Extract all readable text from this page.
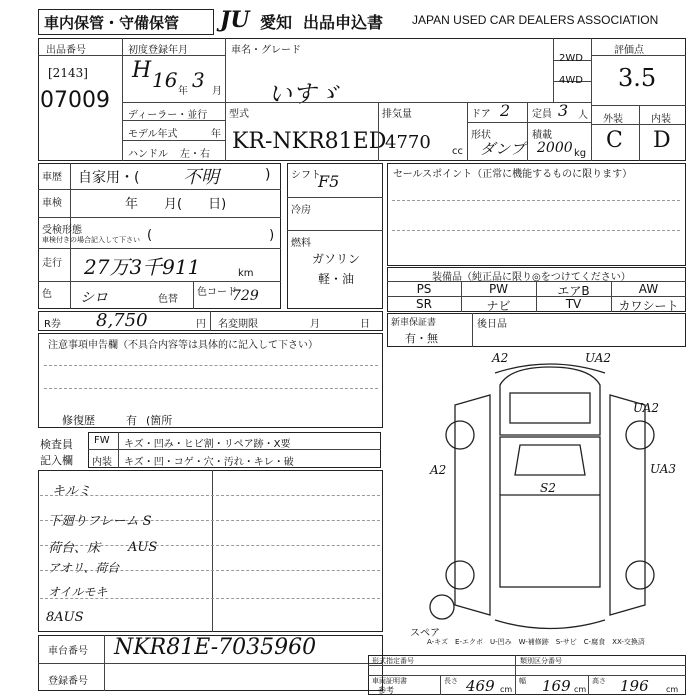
車内保管・守備保管 JU 愛知 出品申込書 JAPAN USED CAR DEALERS ASSOCIATION
出品番号
[2143]
07009
初度登録年月
H 16 年 3 月
車名・グレード
いすゞ
2WD
4WD
評価点
3.5
外装	内装
C D
ディーラー・並行
モデル年式	年
ハンドル 左・右
型式
KR-NKR81ED
排気量
4770 cc
ドア 2 定員 3 人
形状
ダンプ
積載
2000 kg
車歴 自家用・( 不明	)
車検	年　　月(　　日)
受検形態
車検付きの場合記入して下さい (　　　　　　　　　)
走行 27万3千911	km
色 シロ	色替
色コード
729
シフト
F5
冷房
燃料
ガソリン
軽・油
R券 8,750	円 名変期限	月	日
セールスポイント（正常に機能するものに限ります）
装備品（純正品に限り◎をつけてください）
PS	PW	エアB	AW
SR	ナビ	TV	カワシート
新車保証書
有・無
後日品
注意事項申告欄（不具合内容等は具体的に記入して下さい）
修復歴	有 (箇所
検査員
記入欄
FW キズ・凹み・ヒビ割・リペア跡・X要
内装 キズ・凹・コゲ・穴・汚れ・キレ・破
キルミ
下廻りフレーム S
荷台、床
アオリ、荷台
オイルモキ
8AUS
AUS
A2	UA2
UA2
A2	UA3
S2
スペア
A-キズ　E-エクボ　U-凹み　W-補修跡　S-サビ　C-腐食　XX-交換済
車台番号 NKR81E-7035960
登録番号
形式指定番号	類別区分番号
車両証明書
参考
長さ 469 cm
幅 169 cm
高さ 196 cm
